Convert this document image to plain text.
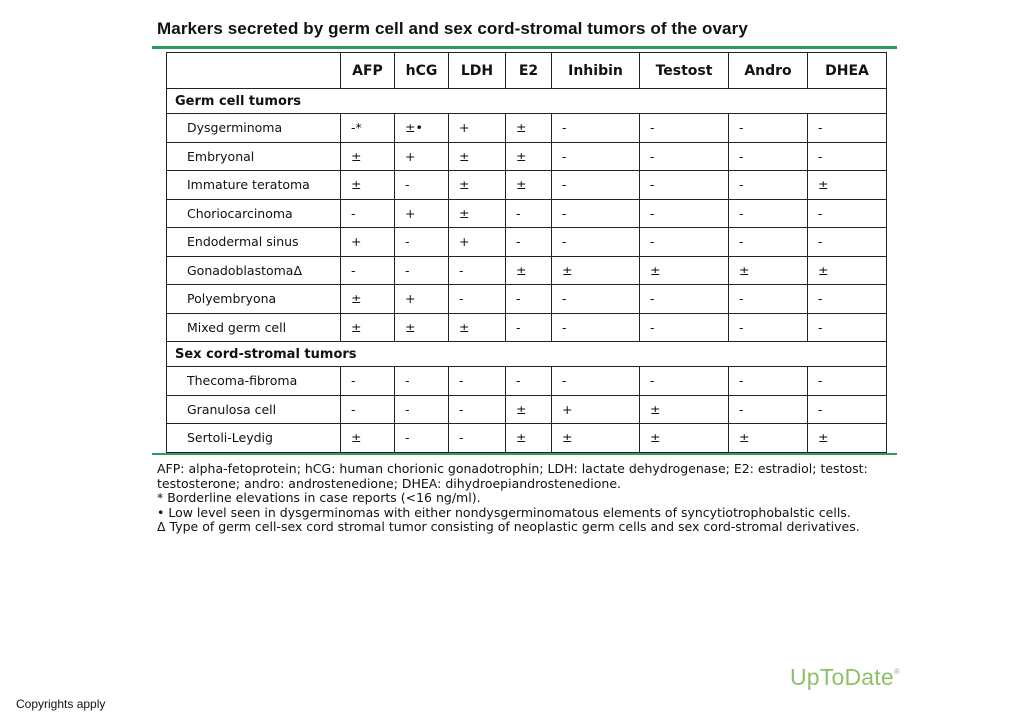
Markers secreted by germ cell and sex cord-stromal tumors of the ovary
	AFP	hCG	LDH	E2	Inhibin	Testost	Andro	DHEA
Germ cell tumors								
Dysgerminoma	-*	±•	+	±	-	-	-	-
Embryonal	±	+	±	±	-	-	-	-
Immature teratoma	±	-	±	±	-	-	-	±
Choriocarcinoma	-	+	±	-	-	-	-	-
Endodermal sinus	+	-	+	-	-	-	-	-
GonadoblastomaΔ	-	-	-	±	±	±	±	±
Polyembryona	±	+	-	-	-	-	-	-
Mixed germ cell	±	±	±	-	-	-	-	-
Sex cord-stromal tumors								
Thecoma-fibroma	-	-	-	-	-	-	-	-
Granulosa cell	-	-	-	±	+	±	-	-
Sertoli-Leydig	±	-	-	±	±	±	±	±
AFP: alpha-fetoprotein; hCG: human chorionic gonadotrophin; LDH: lactate dehydrogenase; E2: estradiol; testost: testosterone; andro: androstenedione; DHEA: dihydroepiandrostenedione.
* Borderline elevations in case reports (<16 ng/ml).
• Low level seen in dysgerminomas with either nondysgerminomatous elements of syncytiotrophobalstic cells.
Δ Type of germ cell-sex cord stromal tumor consisting of neoplastic germ cells and sex cord-stromal derivatives.
UpToDate®
Copyrights apply
